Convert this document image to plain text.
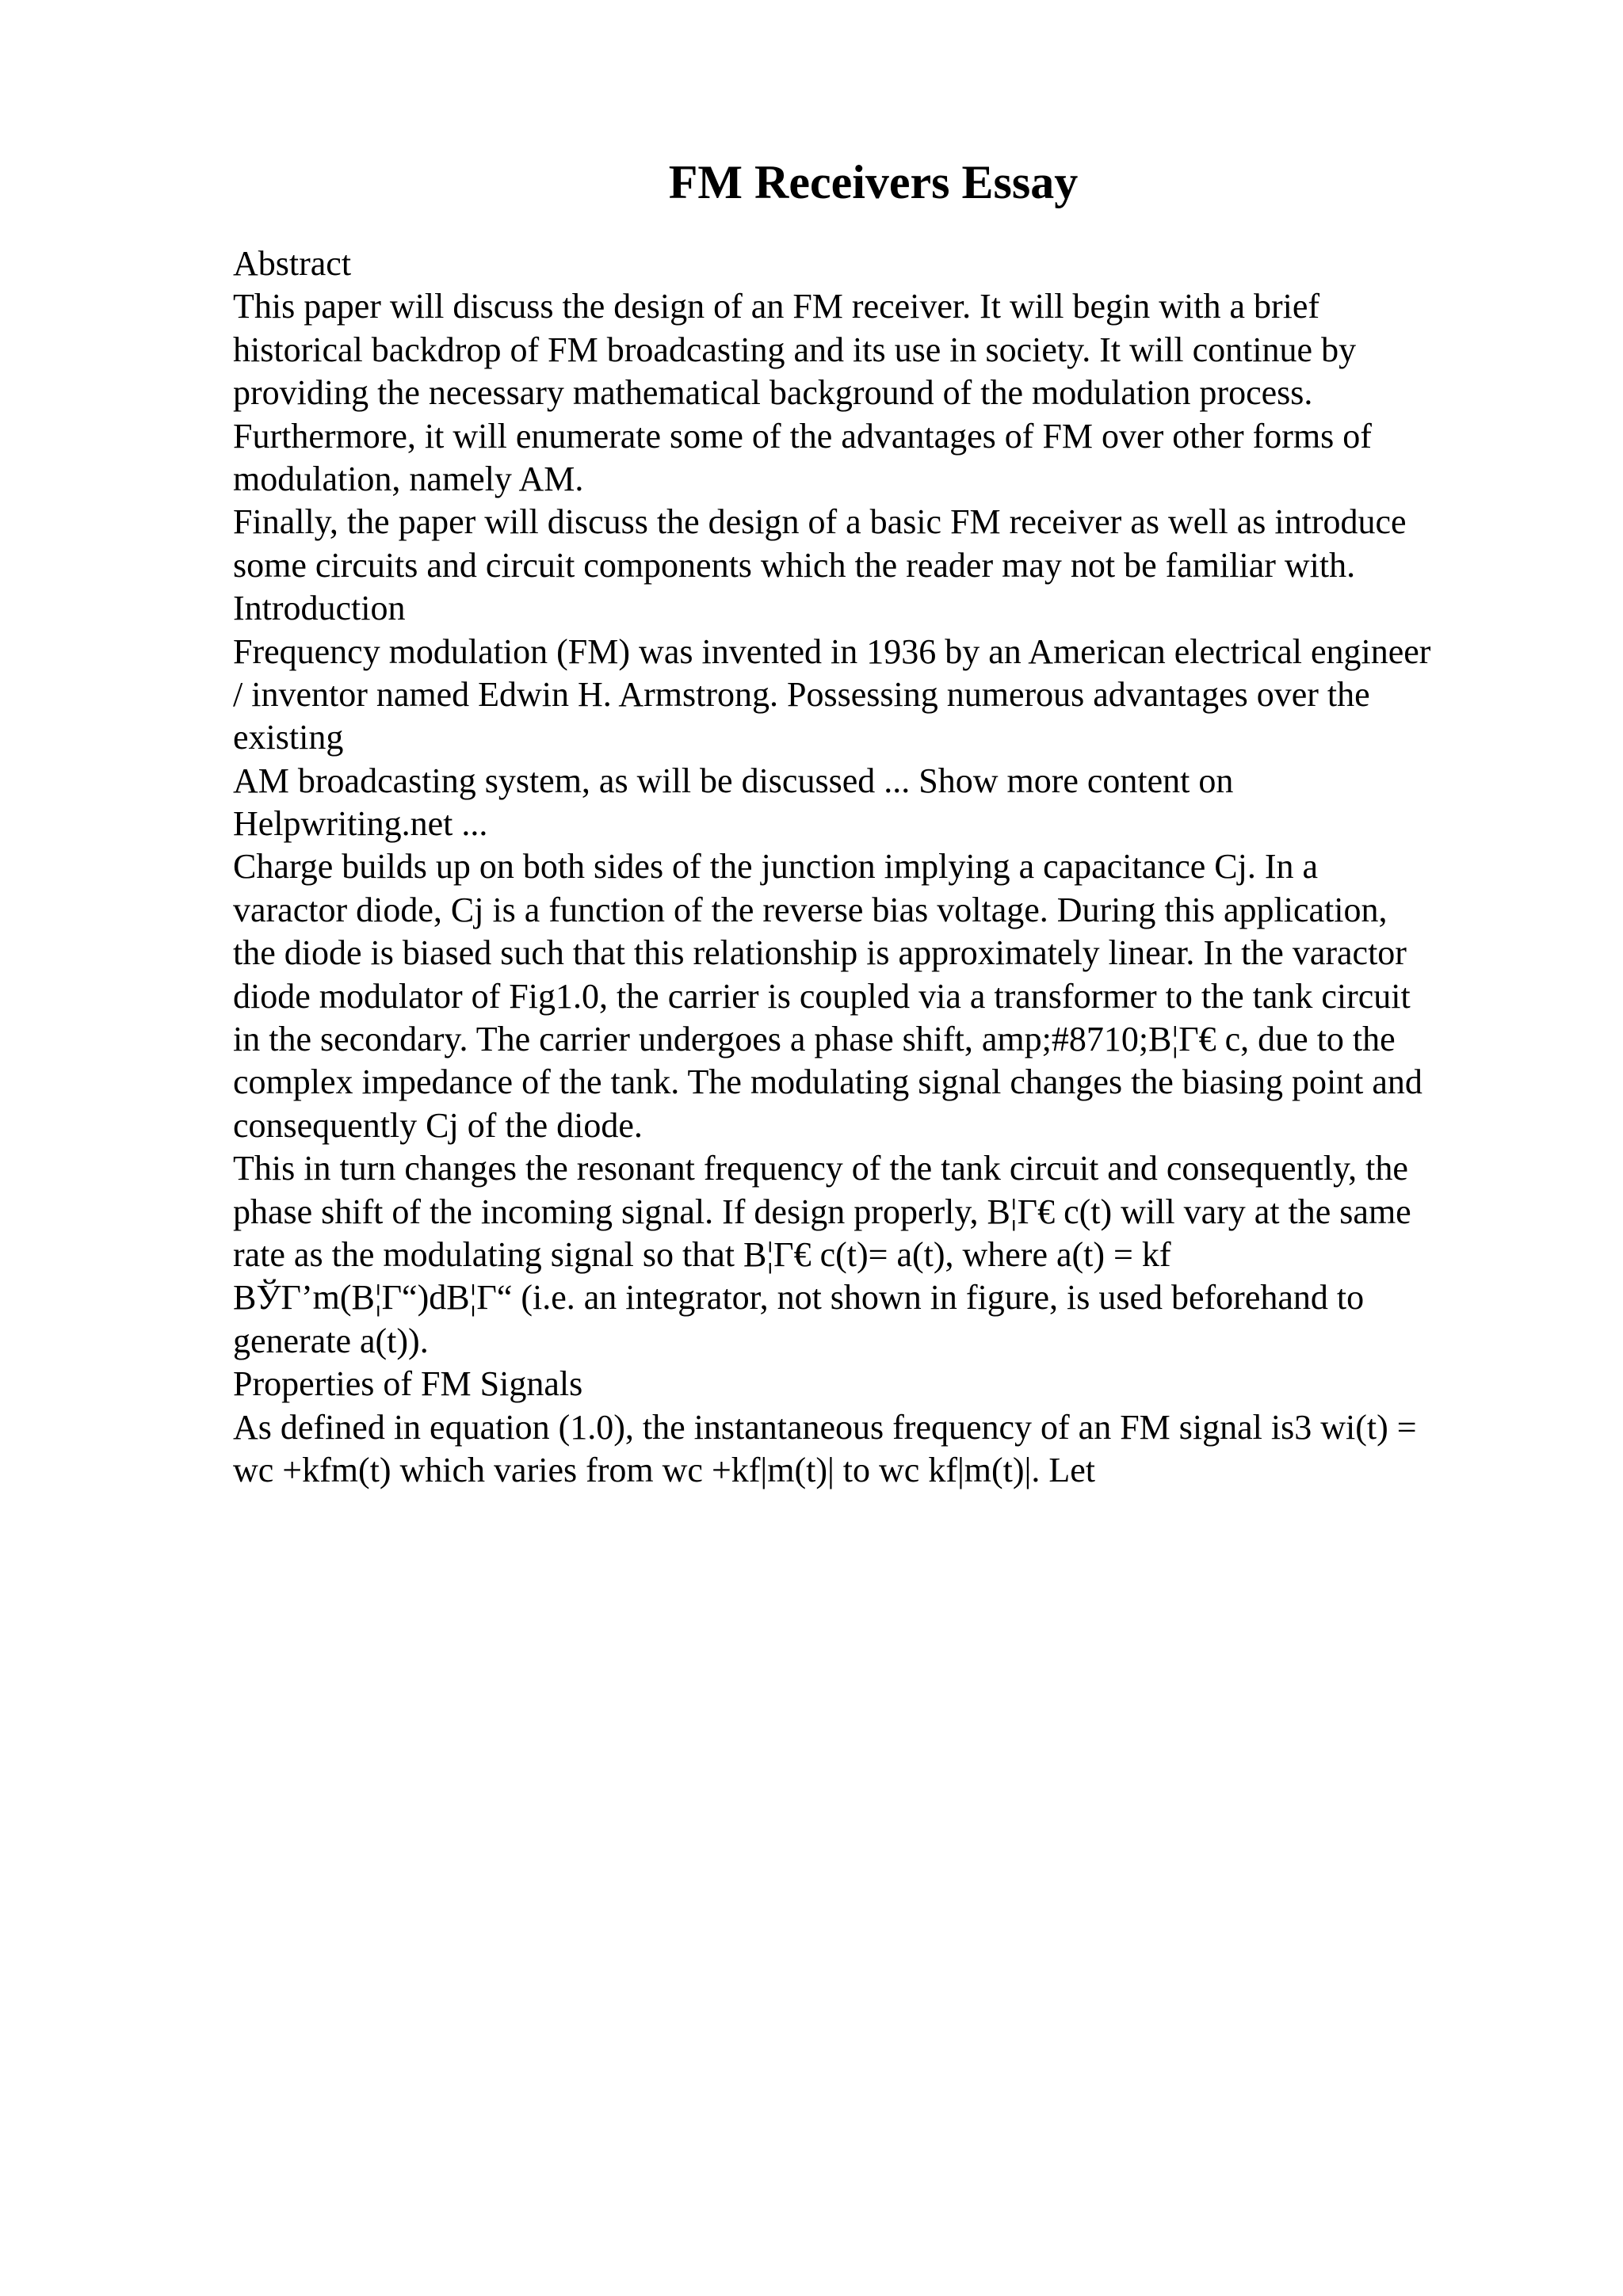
FM Receivers Essay
Abstract
This paper will discuss the design of an FM receiver. It will begin with a brief
historical backdrop of FM broadcasting and its use in society. It will continue by
providing the necessary mathematical background of the modulation process.
Furthermore, it will enumerate some of the advantages of FM over other forms of
modulation, namely AM.
Finally, the paper will discuss the design of a basic FM receiver as well as introduce
some circuits and circuit components which the reader may not be familiar with.
Introduction
Frequency modulation (FM) was invented in 1936 by an American electrical engineer
/ inventor named Edwin H. Armstrong. Possessing numerous advantages over the
existing
AM broadcasting system, as will be discussed ... Show more content on
Helpwriting.net ...
Charge builds up on both sides of the junction implying a capacitance Cj. In a
varactor diode, Cj is a function of the reverse bias voltage. During this application,
the diode is biased such that this relationship is approximately linear. In the varactor
diode modulator of Fig1.0, the carrier is coupled via a transformer to the tank circuit
in the secondary. The carrier undergoes a phase shift, amp;#8710;В¦Г€ c, due to the
complex impedance of the tank. The modulating signal changes the biasing point and
consequently Cj of the diode.
This in turn changes the resonant frequency of the tank circuit and consequently, the
phase shift of the incoming signal. If design properly, В¦Г€ c(t) will vary at the same
rate as the modulating signal so that В¦Г€ c(t)= a(t), where a(t) = kf
ВЎГ’m(В¦Г“)dВ¦Г“ (i.e. an integrator, not shown in figure, is used beforehand to
generate a(t)).
Properties of FM Signals
As defined in equation (1.0), the instantaneous frequency of an FM signal is3 wi(t) =
wc +kfm(t) which varies from wc +kf|m(t)| to wc kf|m(t)|. Let
